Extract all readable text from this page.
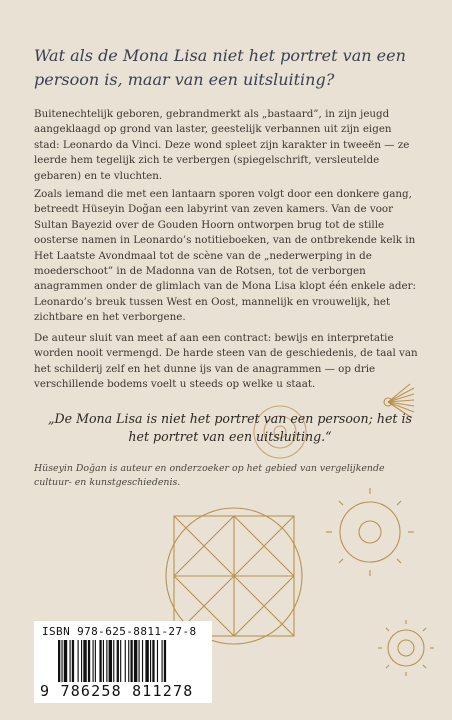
Wat als de Mona Lisa niet het portret van een persoon is, maar van een uitsluiting?

Buitenechtelijk geboren, gebrandmerkt als „bastaard”, in zijn jeugd aangeklaagd op grond van laster, geestelijk verbannen uit zijn eigen stad: Leonardo da Vinci. Deze wond spleet zijn karakter in tweeën — ze leerde hem tegelijk zich te verbergen (spiegelschrift, versleutelde gebaren) en te vluchten.

Zoals iemand die met een lantaarn sporen volgt door een donkere gang, betreedt Hüseyin Doğan een labyrint van zeven kamers. Van de voor Sultan Bayezid over de Gouden Hoorn ontworpen brug tot de stille oosterse namen in Leonardo’s notitieboeken, van de ontbrekende kelk in Het Laatste Avondmaal tot de scène van de „nederwerping in de moederschoot” in de Madonna van de Rotsen, tot de verborgen anagrammen onder de glimlach van de Mona Lisa klopt één enkele ader: Leonardo’s breuk tussen West en Oost, mannelijk en vrouwelijk, het zichtbare en het verborgene.

De auteur sluit van meet af aan een contract: bewijs en interpretatie worden nooit vermengd. De harde steen van de geschiedenis, de taal van het schilderij zelf en het dunne ijs van de anagrammen — op drie verschillende bodems voelt u steeds op welke u staat.

„De Mona Lisa is niet het portret van een persoon; het is het portret van een uitsluiting.“

Hüseyin Doğan is auteur en onderzoeker op het gebied van vergelijkende cultuur- en kunstgeschiedenis.

ISBN 978-625-8811-27-8

9 786258 811278
